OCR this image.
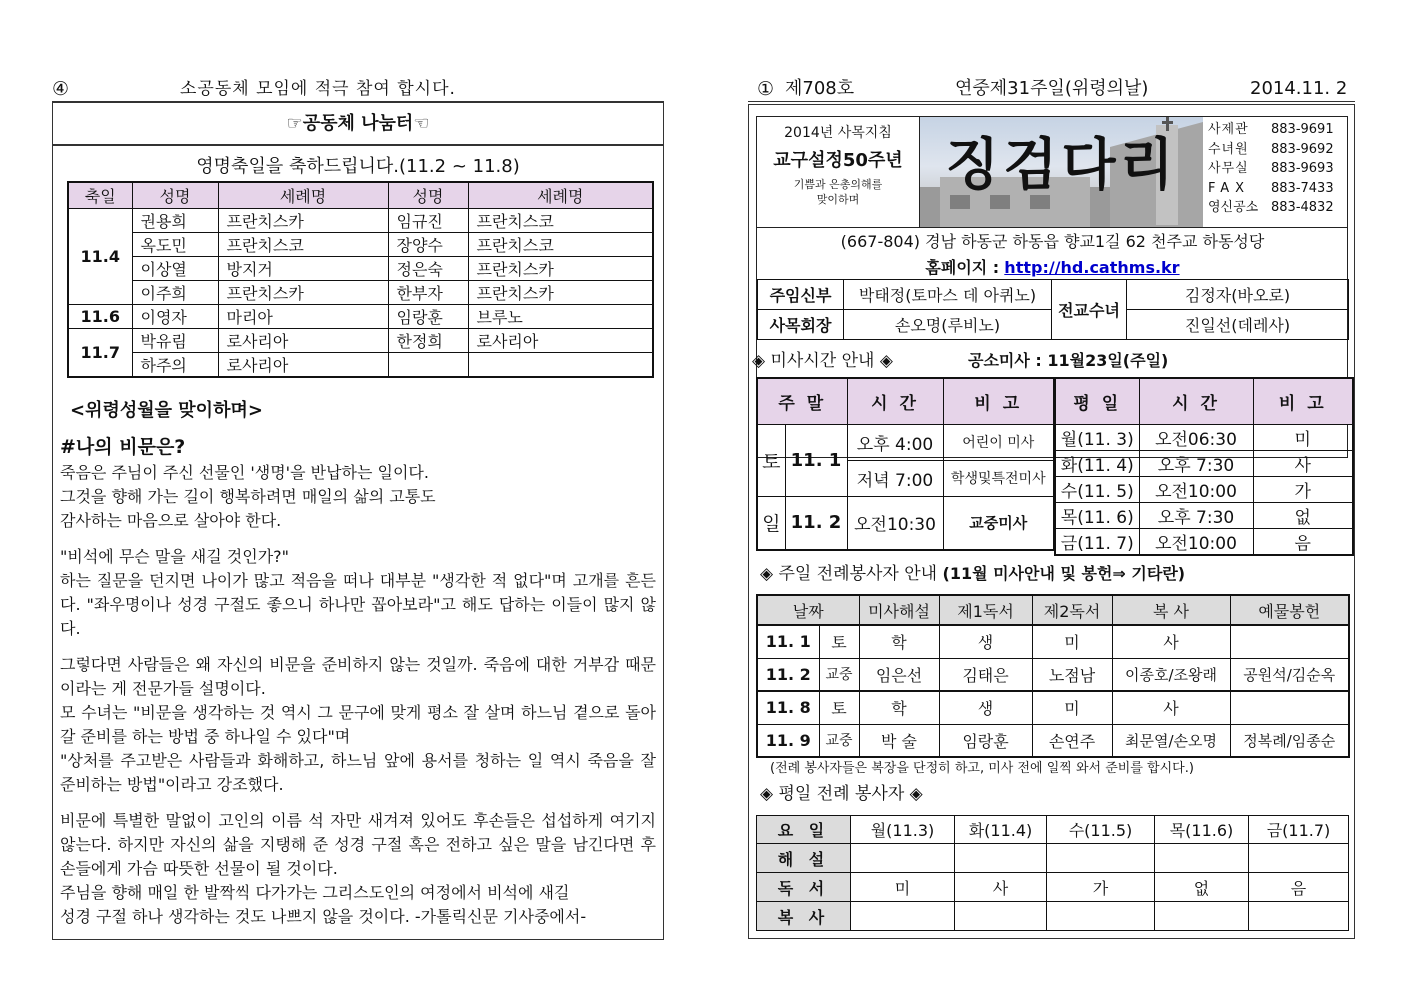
④	소공동체 모임에 적극 참여 합시다.
☞공동체 나눔터☜
영명축일을 축하드립니다.(11.2 ~ 11.8)
축일	성명	세례명	성명	세례명
11.4	권용희	프란치스카	임규진	프란치스코
	옥도민	프란치스코	장양수	프란치스코
	이상열	방지거	정은숙	프란치스카
	이주희	프란치스카	한부자	프란치스카
11.6	이영자	마리아	임랑훈	브루노
11.7	박유림	로사리아	한정희	로사리아
	하주의	로사리아		
<위령성월을 맞이하며>
#나의 비문은?
죽음은 주님이 주신 선물인 '생명'을 반납하는 일이다.
그것을 향해 가는 길이 행복하려면 매일의 삶의 고통도
감사하는 마음으로 살아야 한다.
"비석에 무슨 말을 새길 것인가?"
하는 질문을 던지면 나이가 많고 적음을 떠나 대부분 "생각한 적 없다"며 고개를 흔든다. "좌우명이나 성경 구절도 좋으니 하나만 꼽아보라"고 해도 답하는 이들이 많지 않다.
그렇다면 사람들은 왜 자신의 비문을 준비하지 않는 것일까. 죽음에 대한 거부감 때문이라는 게 전문가들 설명이다.
모 수녀는 "비문을 생각하는 것 역시 그 문구에 맞게 평소 잘 살며 하느님 곁으로 돌아갈 준비를 하는 방법 중 하나일 수 있다"며
"상처를 주고받은 사람들과 화해하고, 하느님 앞에 용서를 청하는 일 역시 죽음을 잘 준비하는 방법"이라고 강조했다.
비문에 특별한 말없이 고인의 이름 석 자만 새겨져 있어도 후손들은 섭섭하게 여기지 않는다. 하지만 자신의 삶을 지탱해 준 성경 구절 혹은 전하고 싶은 말을 남긴다면 후손들에게 가슴 따뜻한 선물이 될 것이다.
주님을 향해 매일 한 발짝씩 다가가는 그리스도인의 여정에서 비석에 새길
성경 구절 하나 생각하는 것도 나쁘지 않을 것이다. -가톨릭신문 기사중에서-
① 제708호	연중제31주일(위령의날)	2014.11. 2
2014년 사목지침
교구설정50주년
기쁨과 은총의해를
맞이하며
징검다리
사제관	883-9691
수녀원	883-9692
사무실	883-9693
FAX	883-7433
영신공소 883-4832
(667-804) 경남 하동군 하동읍 향교1길 62 천주교 하동성당
홈페이지 : http://hd.cathms.kr
주임신부	박태정(토마스 데 아퀴노)	전교수녀	김정자(바오로)
사목회장	손오명(루비노)		진일선(데레사)
◈ 미사시간 안내 ◈	공소미사 : 11월23일(주일)
주 말		시 간	비 고
토	11. 1	오후 4:00	어린이 미사
		저녁 7:00	학생및특전미사
일	11. 2	오전10:30	교중미사
평 일	시 간	비 고
월(11. 3)	오전06:30	미
화(11. 4)	오후 7:30	사
수(11. 5)	오전10:00	가
목(11. 6)	오후 7:30	없
금(11. 7)	오전10:00	음
◈ 주일 전례봉사자 안내 (11월 미사안내 및 봉헌⇒ 기타란)
날짜		미사해설	제1독서	제2독서	복 사	예물봉헌
11. 1	토	학	생	미	사	
11. 2	교중	임은선	김태은	노점남	이종호/조왕래	공원석/김순옥
11. 8	토	학	생	미	사	
11. 9	교중	박 술	임랑훈	손연주	최문열/손오명	정복례/임종순
(전례 봉사자들은 복장을 단정히 하고, 미사 전에 일찍 와서 준비를 합시다.)
◈ 평일 전례 봉사자 ◈
요 일	월(11.3)	화(11.4)	수(11.5)	목(11.6)	금(11.7)
해 설					
독 서	미	사	가	없	음
복 사					
